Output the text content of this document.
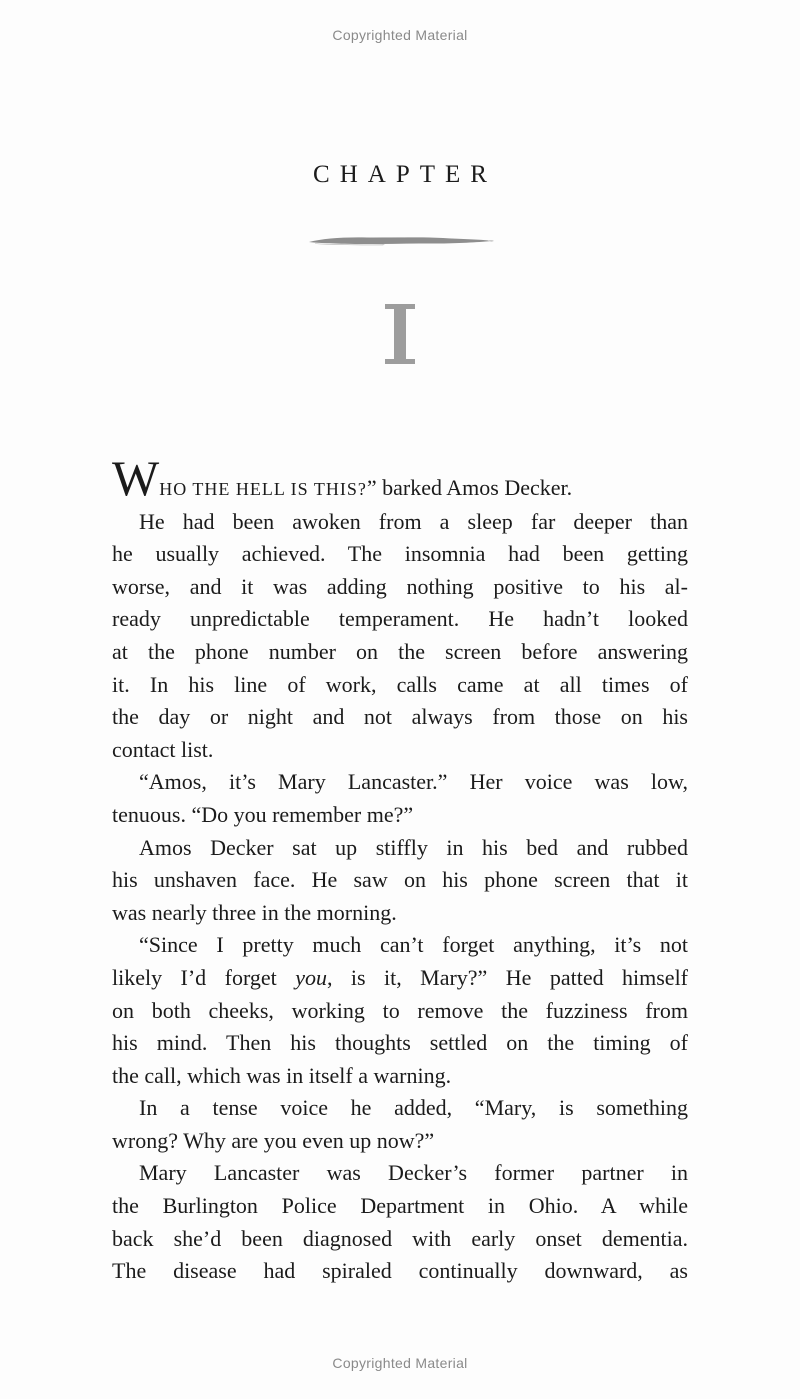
Copyrighted Material
CHAPTER
WHO THE HELL IS THIS?” barked Amos Decker.
He had been awoken from a sleep far deeper than
he usually achieved. The insomnia had been getting
worse, and it was adding nothing positive to his al-
ready unpredictable temperament. He hadn’t looked
at the phone number on the screen before answering
it. In his line of work, calls came at all times of
the day or night and not always from those on his
contact list.
“Amos, it’s Mary Lancaster.” Her voice was low,
tenuous. “Do you remember me?”
Amos Decker sat up stiffly in his bed and rubbed
his unshaven face. He saw on his phone screen that it
was nearly three in the morning.
“Since I pretty much can’t forget anything, it’s not
likely I’d forget you, is it, Mary?” He patted himself
on both cheeks, working to remove the fuzziness from
his mind. Then his thoughts settled on the timing of
the call, which was in itself a warning.
In a tense voice he added, “Mary, is something
wrong? Why are you even up now?”
Mary Lancaster was Decker’s former partner in
the Burlington Police Department in Ohio. A while
back she’d been diagnosed with early onset dementia.
The disease had spiraled continually downward, as
Copyrighted Material
